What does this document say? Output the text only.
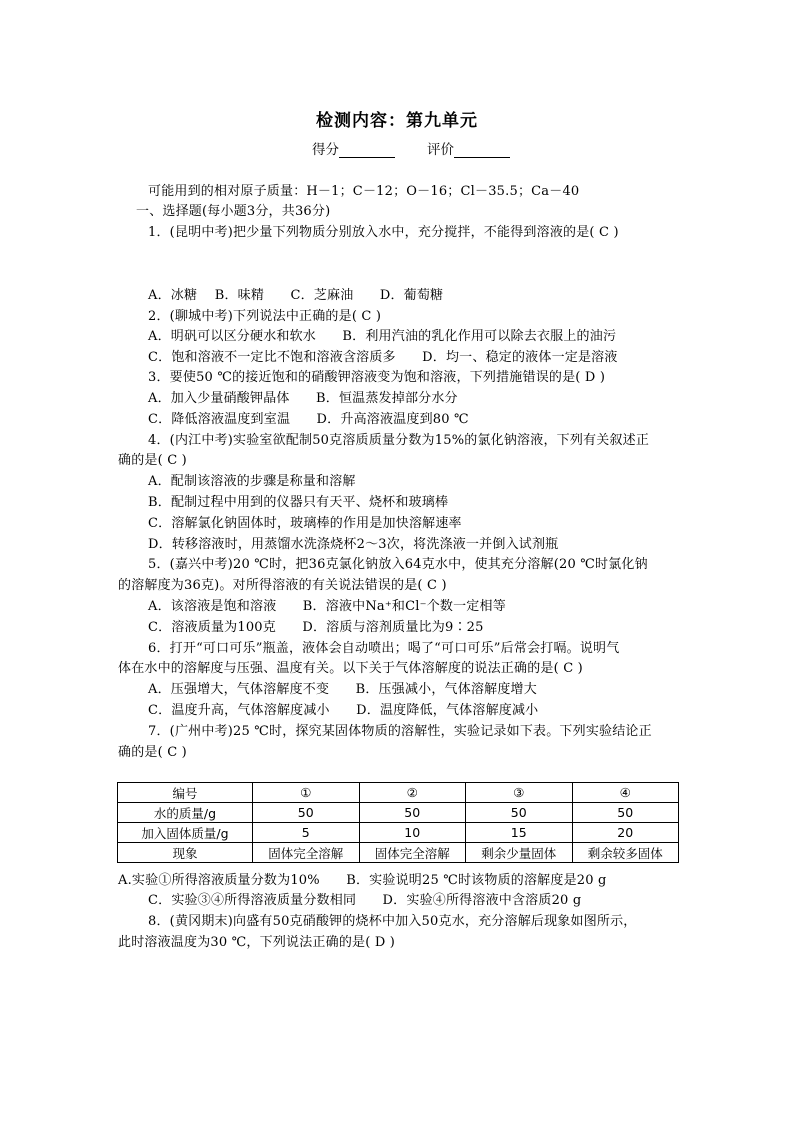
检测内容：第九单元
得分	评价
可能用到的相对原子质量：H－1；C－12；O－16；Cl－35.5；Ca－40
一、选择题(每小题3分，共36分)
1．(昆明中考)把少量下列物质分别放入水中，充分搅拌，不能得到溶液的是( C )
A．冰糖　 B．味精　　C．芝麻油　　D．葡萄糖
2．(聊城中考)下列说法中正确的是( C )
A．明矾可以区分硬水和软水　　B．利用汽油的乳化作用可以除去衣服上的油污
C．饱和溶液不一定比不饱和溶液含溶质多　　D．均一、稳定的液体一定是溶液
3．要使50 ℃的接近饱和的硝酸钾溶液变为饱和溶液，下列措施错误的是( D )
A．加入少量硝酸钾晶体　　B．恒温蒸发掉部分水分
C．降低溶液温度到室温　　D．升高溶液温度到80 ℃
4．(内江中考)实验室欲配制50克溶质质量分数为15%的氯化钠溶液，下列有关叙述正
确的是( C )
A．配制该溶液的步骤是称量和溶解
B．配制过程中用到的仪器只有天平、烧杯和玻璃棒
C．溶解氯化钠固体时，玻璃棒的作用是加快溶解速率
D．转移溶液时，用蒸馏水洗涤烧杯2～3次，将洗涤液一并倒入试剂瓶
5．(嘉兴中考)20 ℃时，把36克氯化钠放入64克水中，使其充分溶解(20 ℃时氯化钠
的溶解度为36克)。对所得溶液的有关说法错误的是( C )
A．该溶液是饱和溶液　　B．溶液中Na⁺和Cl⁻个数一定相等
C．溶液质量为100克　　D．溶质与溶剂质量比为9∶25
6．打开“可口可乐”瓶盖，液体会自动喷出；喝了“可口可乐”后常会打嗝。说明气
体在水中的溶解度与压强、温度有关。以下关于气体溶解度的说法正确的是( C )
A．压强增大，气体溶解度不变　　B．压强减小，气体溶解度增大
C．温度升高，气体溶解度减小　　D．温度降低，气体溶解度减小
7．(广州中考)25 ℃时，探究某固体物质的溶解性，实验记录如下表。下列实验结论正
确的是( C )
编号	①	②	③	④
水的质量/g	50	50	50	50
加入固体质量/g	5	10	15	20
现象	固体完全溶解	固体完全溶解	剩余少量固体	剩余较多固体
A.实验①所得溶液质量分数为10%　　B．实验说明25 ℃时该物质的溶解度是20 g
C．实验③④所得溶液质量分数相同　　D．实验④所得溶液中含溶质20 g
8．(黄冈期末)向盛有50克硝酸钾的烧杯中加入50克水，充分溶解后现象如图所示，
此时溶液温度为30 ℃，下列说法正确的是( D )
